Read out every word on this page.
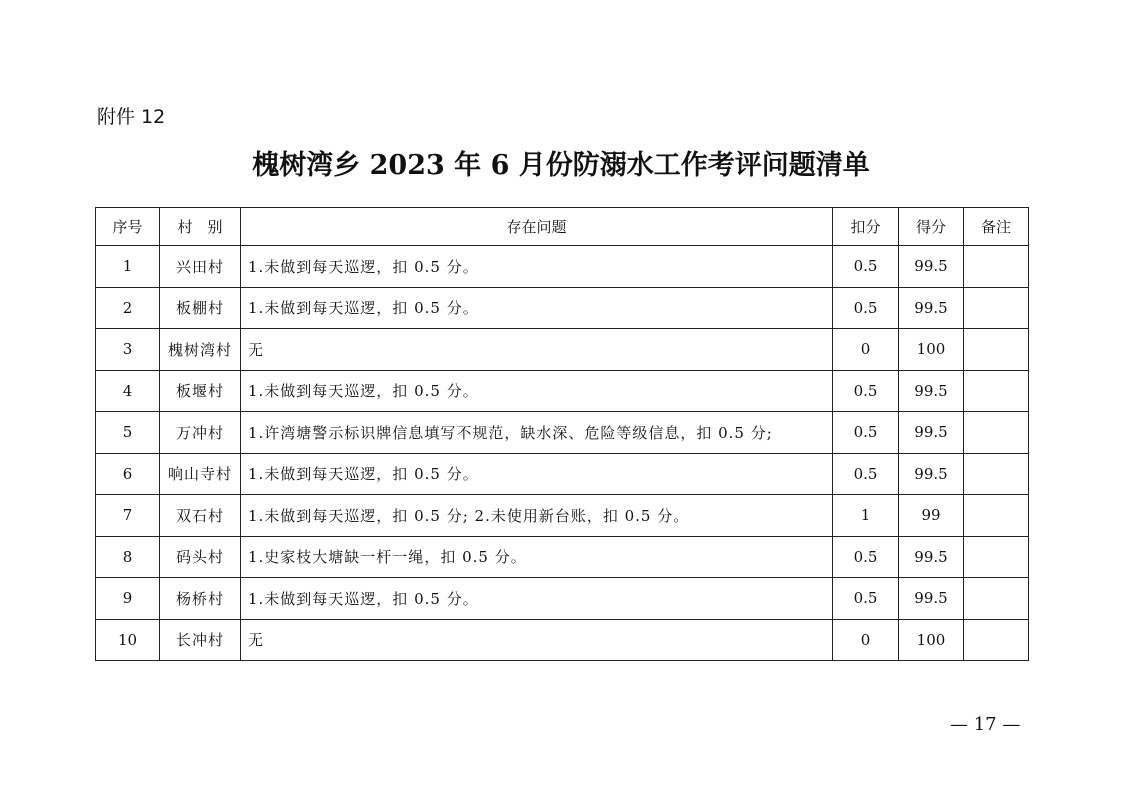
附件 12
槐树湾乡 2023 年 6 月份防溺水工作考评问题清单
序号	村　别	存在问题	扣分	得分	备注
1	兴田村	1.未做到每天巡逻，扣 0.5 分。	0.5	99.5	
2	板棚村	1.未做到每天巡逻，扣 0.5 分。	0.5	99.5	
3	槐树湾村	无	0	100	
4	板堰村	1.未做到每天巡逻，扣 0.5 分。	0.5	99.5	
5	万冲村	1.许湾塘警示标识牌信息填写不规范，缺水深、危险等级信息，扣 0.5 分;	0.5	99.5	
6	响山寺村	1.未做到每天巡逻，扣 0.5 分。	0.5	99.5	
7	双石村	1.未做到每天巡逻，扣 0.5 分; 2.未使用新台账，扣 0.5 分。	1	99	
8	码头村	1.史家枝大塘缺一杆一绳，扣 0.5 分。	0.5	99.5	
9	杨桥村	1.未做到每天巡逻，扣 0.5 分。	0.5	99.5	
10	长冲村	无	0	100	
— 17 —
